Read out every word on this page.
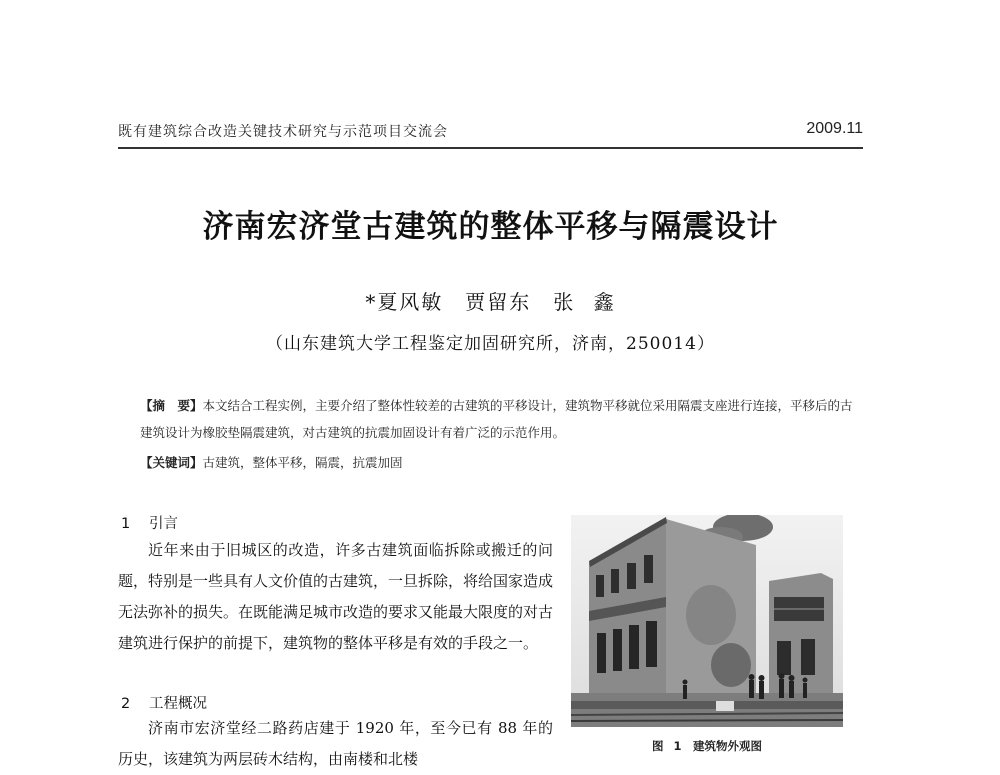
既有建筑综合改造关键技术研究与示范项目交流会	2009.11
济南宏济堂古建筑的整体平移与隔震设计
*夏风敏　贾留东　张 鑫
（山东建筑大学工程鉴定加固研究所，济南，250014）
【摘　要】本文结合工程实例，主要介绍了整体性较差的古建筑的平移设计，建筑物平移就位采用隔震支座进行连接，平移后的古建筑设计为橡胶垫隔震建筑，对古建筑的抗震加固设计有着广泛的示范作用。
【关键词】古建筑，整体平移，隔震，抗震加固
1 引言
近年来由于旧城区的改造，许多古建筑面临拆除或搬迁的问题，特别是一些具有人文价值的古建筑，一旦拆除，将给国家造成无法弥补的损失。在既能满足城市改造的要求又能最大限度的对古建筑进行保护的前提下，建筑物的整体平移是有效的手段之一。
2 工程概况
济南市宏济堂经二路药店建于 1920 年，至今已有 88 年的历史，该建筑为两层砖木结构，由南楼和北楼
图 1　建筑物外观图
